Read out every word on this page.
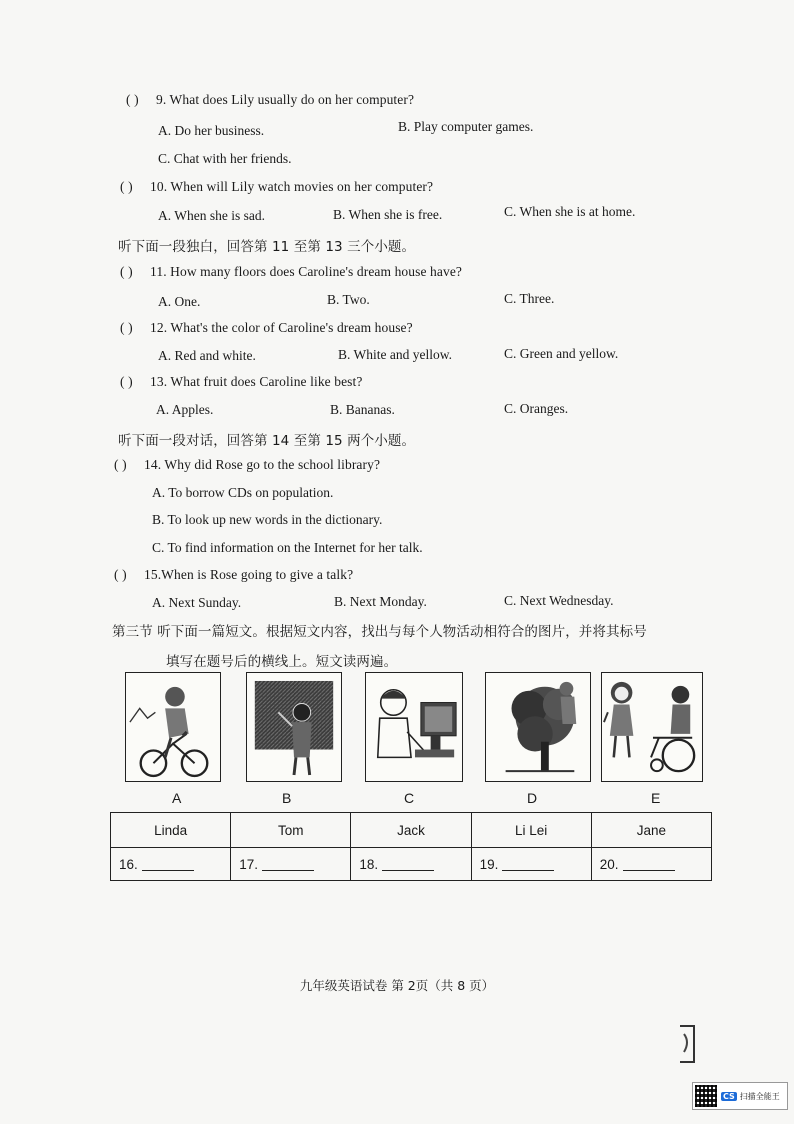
( ) 9. What does Lily usually do on her computer?
A. Do her business.	B. Play computer games.
C. Chat with her friends.
( ) 10. When will Lily watch movies on her computer?
A. When she is sad.	B. When she is free.	C. When she is at home.
听下面一段独白，回答第 11 至第 13 三个小题。
( ) 11. How many floors does Caroline's dream house have?
A. One.	B. Two.	C. Three.
( ) 12. What's the color of Caroline's dream house?
A. Red and white.	B. White and yellow.	C. Green and yellow.
( ) 13. What fruit does Caroline like best?
A. Apples.	B. Bananas.	C. Oranges.
听下面一段对话，回答第 14 至第 15 两个小题。
( ) 14. Why did Rose go to the school library?
A. To borrow CDs on population.
B. To look up new words in the dictionary.
C. To find information on the Internet for her talk.
( ) 15.When is Rose going to give a talk?
A. Next Sunday.	B. Next Monday.	C. Next Wednesday.
第三节 听下面一篇短文。根据短文内容，找出与每个人物活动相符合的图片，并将其标号
填写在题号后的横线上。短文读两遍。
A	B	C	D	E
Linda	Tom	Jack	Li Lei	Jane
16.	17.	18.	19.	20.
九年级英语试卷 第 2页（共 8 页）
CS 扫描全能王
